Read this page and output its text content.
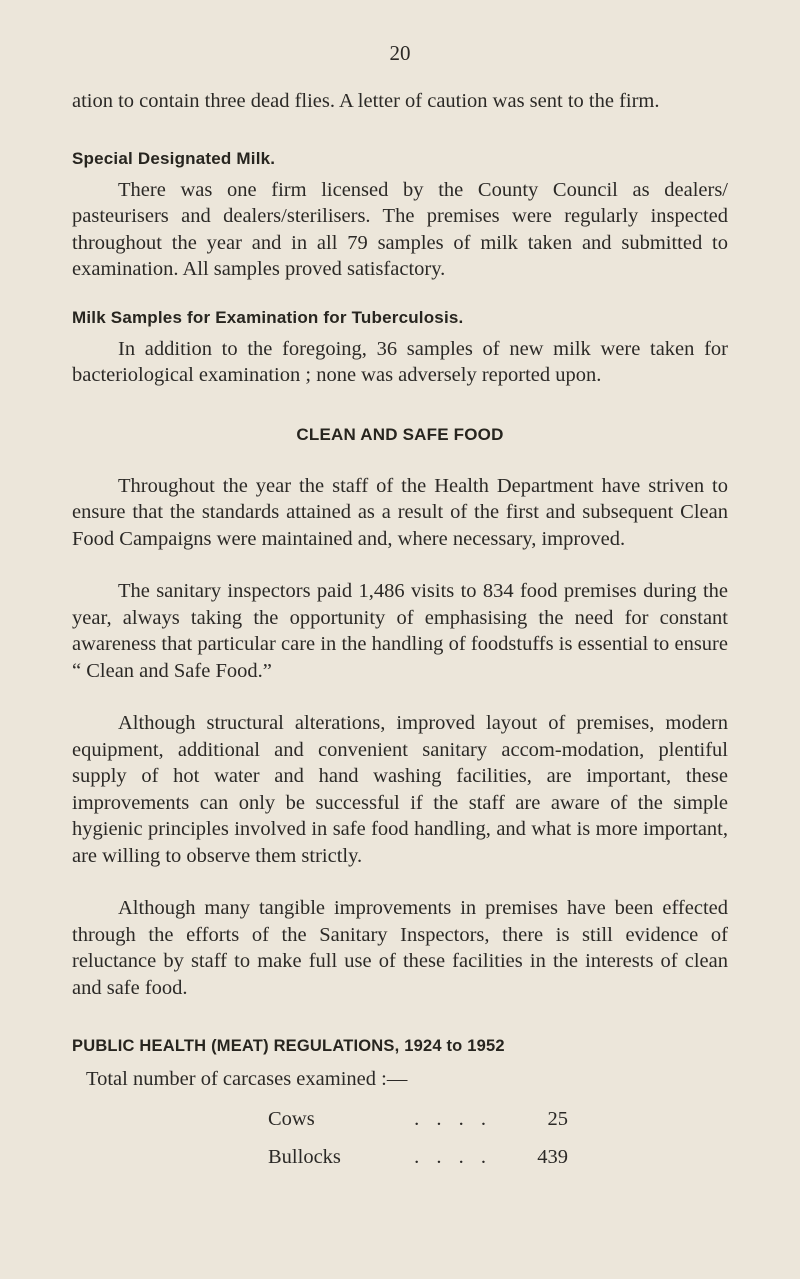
20

ation to contain three dead flies. A letter of caution was sent to the firm.

Special Designated Milk.

There was one firm licensed by the County Council as dealers/ pasteurisers and dealers/sterilisers. The premises were regularly inspected throughout the year and in all 79 samples of milk taken and submitted to examination. All samples proved satisfactory.

Milk Samples for Examination for Tuberculosis.

In addition to the foregoing, 36 samples of new milk were taken for bacteriological examination ; none was adversely reported upon.

CLEAN AND SAFE FOOD

Throughout the year the staff of the Health Department have striven to ensure that the standards attained as a result of the first and subsequent Clean Food Campaigns were maintained and, where necessary, improved.

The sanitary inspectors paid 1,486 visits to 834 food premises during the year, always taking the opportunity of emphasising the need for constant awareness that particular care in the handling of foodstuffs is essential to ensure “ Clean and Safe Food.”

Although structural alterations, improved layout of premises, modern equipment, additional and convenient sanitary accom-modation, plentiful supply of hot water and hand washing facilities, are important, these improvements can only be successful if the staff are aware of the simple hygienic principles involved in safe food handling, and what is more important, are willing to observe them strictly.

Although many tangible improvements in premises have been effected through the efforts of the Sanitary Inspectors, there is still evidence of reluctance by staff to make full use of these facilities in the interests of clean and safe food.

PUBLIC HEALTH (MEAT) REGULATIONS, 1924 to 1952

Total number of carcases examined :—

Cows	. . . .	25
Bullocks	. . . .	439
